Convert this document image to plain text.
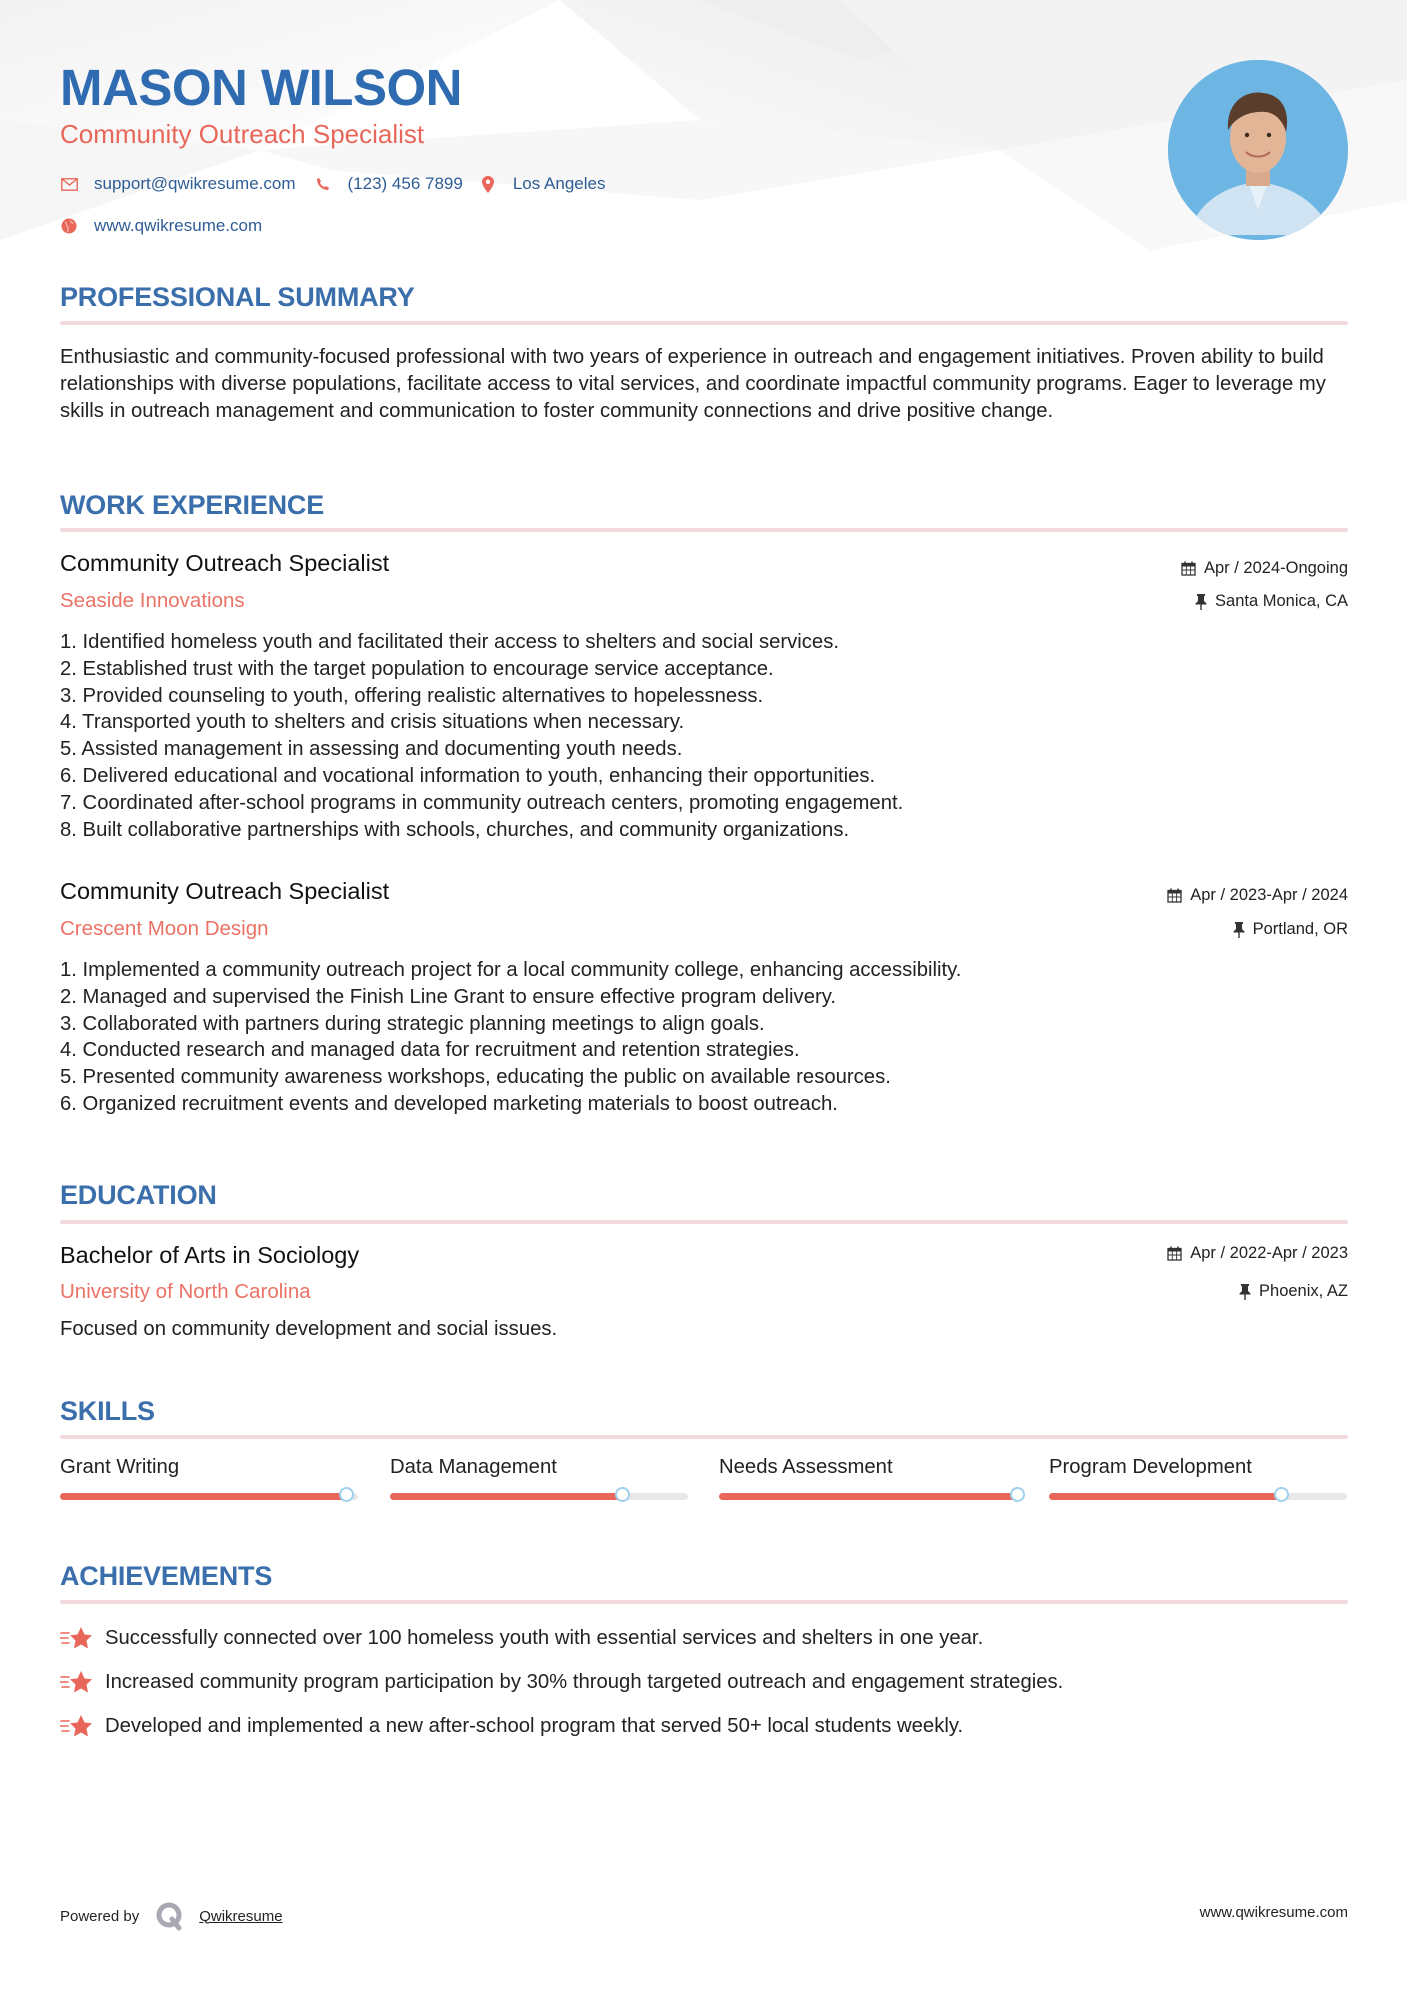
MASON WILSON
Community Outreach Specialist
support@qwikresume.com	(123) 456 7899	Los Angeles
www.qwikresume.com
PROFESSIONAL SUMMARY
Enthusiastic and community-focused professional with two years of experience in outreach and engagement initiatives. Proven ability to build relationships with diverse populations, facilitate access to vital services, and coordinate impactful community programs. Eager to leverage my skills in outreach management and communication to foster community connections and drive positive change.
WORK EXPERIENCE
Community Outreach Specialist
Seaside Innovations
Apr / 2024-Ongoing
Santa Monica, CA
1. Identified homeless youth and facilitated their access to shelters and social services.
2. Established trust with the target population to encourage service acceptance.
3. Provided counseling to youth, offering realistic alternatives to hopelessness.
4. Transported youth to shelters and crisis situations when necessary.
5. Assisted management in assessing and documenting youth needs.
6. Delivered educational and vocational information to youth, enhancing their opportunities.
7. Coordinated after-school programs in community outreach centers, promoting engagement.
8. Built collaborative partnerships with schools, churches, and community organizations.
Community Outreach Specialist
Crescent Moon Design
Apr / 2023-Apr / 2024
Portland, OR
1. Implemented a community outreach project for a local community college, enhancing accessibility.
2. Managed and supervised the Finish Line Grant to ensure effective program delivery.
3. Collaborated with partners during strategic planning meetings to align goals.
4. Conducted research and managed data for recruitment and retention strategies.
5. Presented community awareness workshops, educating the public on available resources.
6. Organized recruitment events and developed marketing materials to boost outreach.
EDUCATION
Bachelor of Arts in Sociology
University of North Carolina
Apr / 2022-Apr / 2023
Phoenix, AZ
Focused on community development and social issues.
SKILLS
Grant Writing	Data Management	Needs Assessment	Program Development
ACHIEVEMENTS
Successfully connected over 100 homeless youth with essential services and shelters in one year.
Increased community program participation by 30% through targeted outreach and engagement strategies.
Developed and implemented a new after-school program that served 50+ local students weekly.
Powered by	Qwikresume	www.qwikresume.com
